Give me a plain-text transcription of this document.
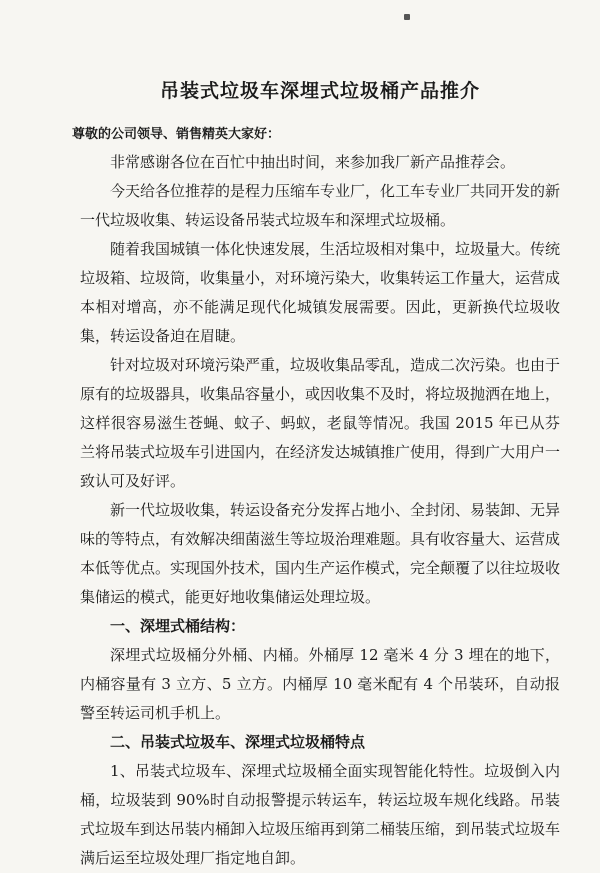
吊装式垃圾车深埋式垃圾桶产品推介
尊敬的公司领导、销售精英大家好：

非常感谢各位在百忙中抽出时间，来参加我厂新产品推荐会。

今天给各位推荐的是程力压缩车专业厂，化工车专业厂共同开发的新一代垃圾收集、转运设备吊装式垃圾车和深埋式垃圾桶。

随着我国城镇一体化快速发展，生活垃圾相对集中，垃圾量大。传统垃圾箱、垃圾筒，收集量小，对环境污染大，收集转运工作量大，运营成本相对增高，亦不能满足现代化城镇发展需要。因此，更新换代垃圾收集，转运设备迫在眉睫。

针对垃圾对环境污染严重，垃圾收集品零乱，造成二次污染。也由于原有的垃圾器具，收集品容量小，或因收集不及时，将垃圾抛洒在地上，这样很容易滋生苍蝇、蚊子、蚂蚁，老鼠等情况。我国 2015 年已从芬兰将吊装式垃圾车引进国内，在经济发达城镇推广使用，得到广大用户一致认可及好评。

新一代垃圾收集，转运设备充分发挥占地小、全封闭、易装卸、无异味的等特点，有效解决细菌滋生等垃圾治理难题。具有收容量大、运营成本低等优点。实现国外技术，国内生产运作模式，完全颠覆了以往垃圾收集储运的模式，能更好地收集储运处理垃圾。

一、深埋式桶结构：

深埋式垃圾桶分外桶、内桶。外桶厚 12 毫米 4 分 3 埋在的地下，内桶容量有 3 立方、5 立方。内桶厚 10 毫米配有 4 个吊装环，自动报警至转运司机手机上。

二、吊装式垃圾车、深埋式垃圾桶特点

1、吊装式垃圾车、深埋式垃圾桶全面实现智能化特性。垃圾倒入内桶，垃圾装到 90%时自动报警提示转运车，转运垃圾车规化线路。吊装式垃圾车到达吊装内桶卸入垃圾压缩再到第二桶装压缩，到吊装式垃圾车满后运至垃圾处理厂指定地自卸。
